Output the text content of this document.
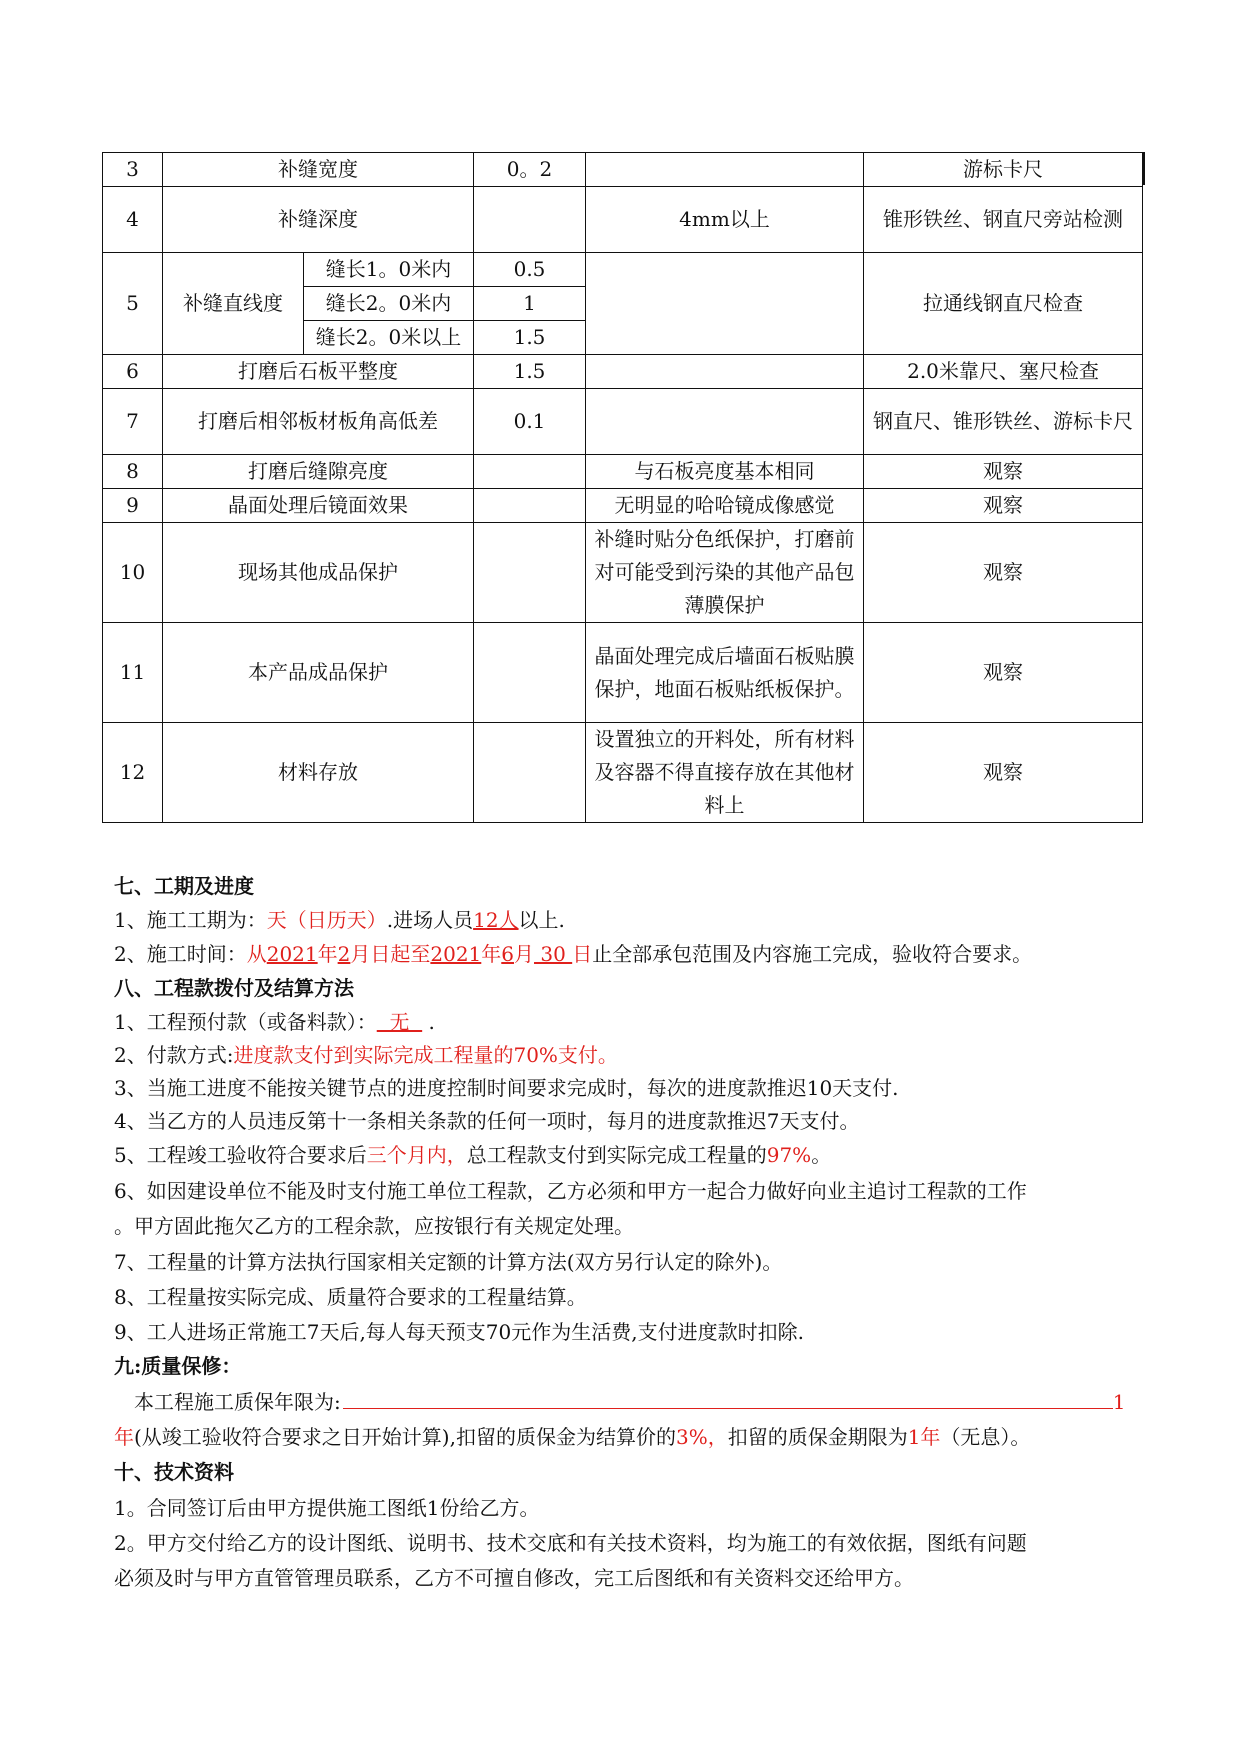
3	补缝宽度		0。2		游标卡尺
4	补缝深度			4mm以上	锥形铁丝、钢直尺旁站检测
5	补缝直线度	缝长1。0米内	0.5		拉通线钢直尺检查
		缝长2。0米内	1		
		缝长2。0米以上	1.5		
6	打磨后石板平整度		1.5		2.0米靠尺、塞尺检查
7	打磨后相邻板材板角高低差		0.1		钢直尺、锥形铁丝、游标卡尺
8	打磨后缝隙亮度			与石板亮度基本相同	观察
9	晶面处理后镜面效果			无明显的哈哈镜成像感觉	观察
10	现场其他成品保护			补缝时贴分色纸保护，打磨前对可能受到污染的其他产品包薄膜保护	观察
11	本产品成品保护			晶面处理完成后墙面石板贴膜保护，地面石板贴纸板保护。	观察
12	材料存放			设置独立的开料处，所有材料及容器不得直接存放在其他材料上	观察
七、工期及进度
1、施工工期为：天（日历天）.进场人员12人以上.
2、施工时间：从2021年2月日起至2021年6月 30 日止全部承包范围及内容施工完成，验收符合要求。
八、工程款拨付及结算方法
1、工程预付款（或备料款）：  无   .
2、付款方式:进度款支付到实际完成工程量的70%支付。
3、当施工进度不能按关键节点的进度控制时间要求完成时，每次的进度款推迟10天支付.
4、当乙方的人员违反第十一条相关条款的任何一项时，每月的进度款推迟7天支付。
5、工程竣工验收符合要求后三个月内，总工程款支付到实际完成工程量的97%。
6、如因建设单位不能及时支付施工单位工程款，乙方必须和甲方一起合力做好向业主追讨工程款的工作
。甲方固此拖欠乙方的工程余款，应按银行有关规定处理。
7、工程量的计算方法执行国家相关定额的计算方法(双方另行认定的除外)。
8、工程量按实际完成、质量符合要求的工程量结算。
9、工人进场正常施工7天后,每人每天预支70元作为生活费,支付进度款时扣除.
九:质量保修：
本工程施工质保年限为:	1
年(从竣工验收符合要求之日开始计算),扣留的质保金为结算价的3%，扣留的质保金期限为1年（无息）。
十、技术资料
1。合同签订后由甲方提供施工图纸1份给乙方。
2。甲方交付给乙方的设计图纸、说明书、技术交底和有关技术资料，均为施工的有效依据，图纸有问题
必须及时与甲方直管管理员联系，乙方不可擅自修改，完工后图纸和有关资料交还给甲方。
